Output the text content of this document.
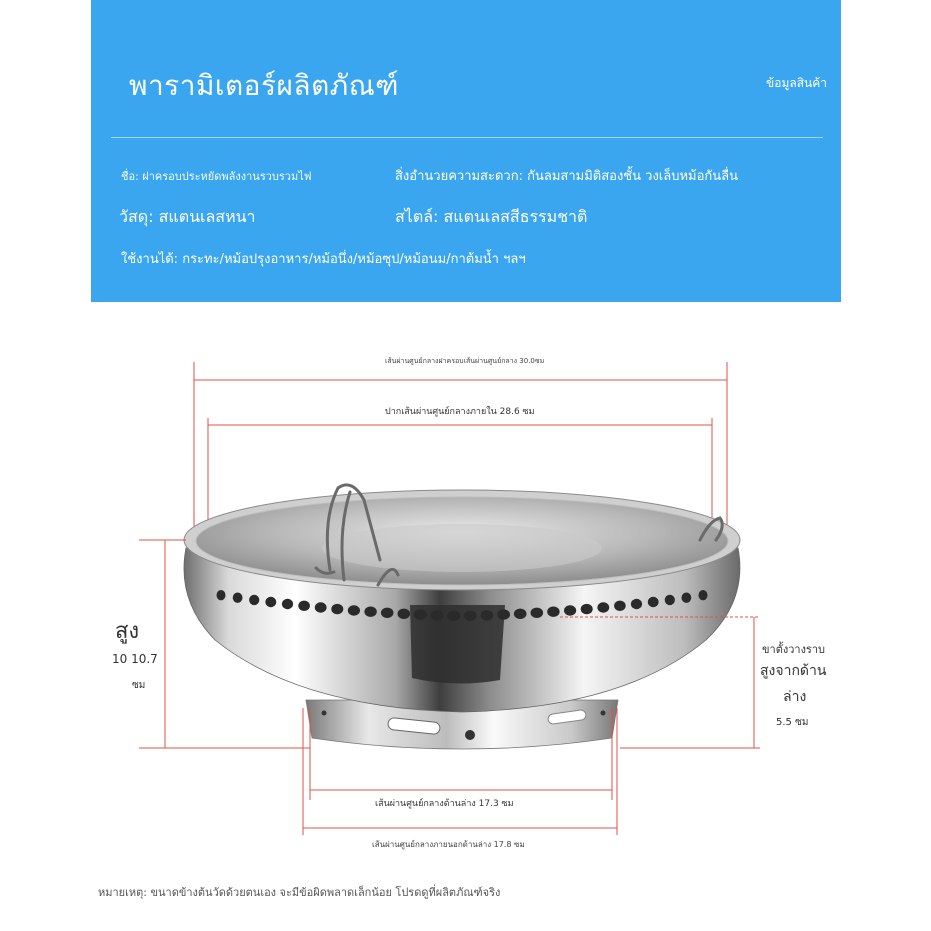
พารามิเตอร์ผลิตภัณฑ์	ข้อมูลสินค้า
ชื่อ: ฝาครอบประหยัดพลังงานรวบรวมไฟ	สิ่งอำนวยความสะดวก: กันลมสามมิติสองชั้น วงเล็บหม้อกันลื่น
วัสดุ: สแตนเลสหนา	สไตล์: สแตนเลสสีธรรมชาติ
ใช้งานได้: กระทะ/หม้อปรุงอาหาร/หม้อนึ่ง/หม้อซุป/หม้อนม/กาต้มน้ำ ฯลฯ
เส้นผ่านศูนย์กลางฝาครอบเส้นผ่านศูนย์กลาง 30.0ซม
ปากเส้นผ่านศูนย์กลางภายใน 28.6 ซม
สูง
10 10.7
ซม
ขาตั้งวางราบ
สูงจากด้าน
ล่าง
5.5 ซม
เส้นผ่านศูนย์กลางด้านล่าง 17.3 ซม
เส้นผ่านศูนย์กลางภายนอกด้านล่าง 17.8 ซม
หมายเหตุ: ขนาดข้างต้นวัดด้วยตนเอง จะมีข้อผิดพลาดเล็กน้อย โปรดดูที่ผลิตภัณฑ์จริง
